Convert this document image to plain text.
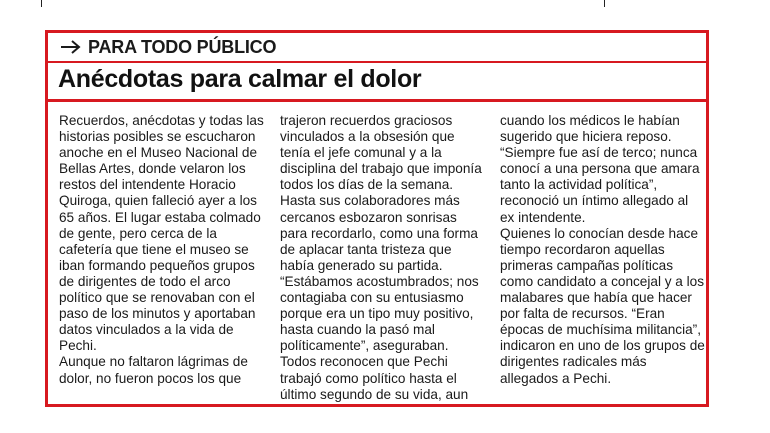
PARA TODO PÚBLICO
Anécdotas para calmar el dolor

Recuerdos, anécdotas y todas las historias posibles se escucharon anoche en el Museo Nacional de Bellas Artes, donde velaron los restos del intendente Horacio Quiroga, quien falleció ayer a los 65 años. El lugar estaba colmado de gente, pero cerca de la cafetería que tiene el museo se iban formando pequeños grupos de dirigentes de todo el arco político que se renovaban con el paso de los minutos y aportaban datos vinculados a la vida de Pechi.

Aunque no faltaron lágrimas de dolor, no fueron pocos los que

trajeron recuerdos graciosos vinculados a la obsesión que tenía el jefe comunal y a la disciplina del trabajo que imponía todos los días de la semana.

Hasta sus colaboradores más cercanos esbozaron sonrisas para recordarlo, como una forma de aplacar tanta tristeza que había generado su partida. “Estábamos acostumbrados; nos contagiaba con su entusiasmo porque era un tipo muy positivo, hasta cuando la pasó mal políticamente”, aseguraban. Todos reconocen que Pechi trabajó como político hasta el último segundo de su vida, aun

cuando los médicos le habían sugerido que hiciera reposo. “Siempre fue así de terco; nunca conocí a una persona que amara tanto la actividad política”, reconoció un íntimo allegado al ex intendente.

Quienes lo conocían desde hace tiempo recordaron aquellas primeras campañas políticas como candidato a concejal y a los malabares que había que hacer por falta de recursos. “Eran épocas de muchísima militancia”, indicaron en uno de los grupos de dirigentes radicales más allegados a Pechi.
